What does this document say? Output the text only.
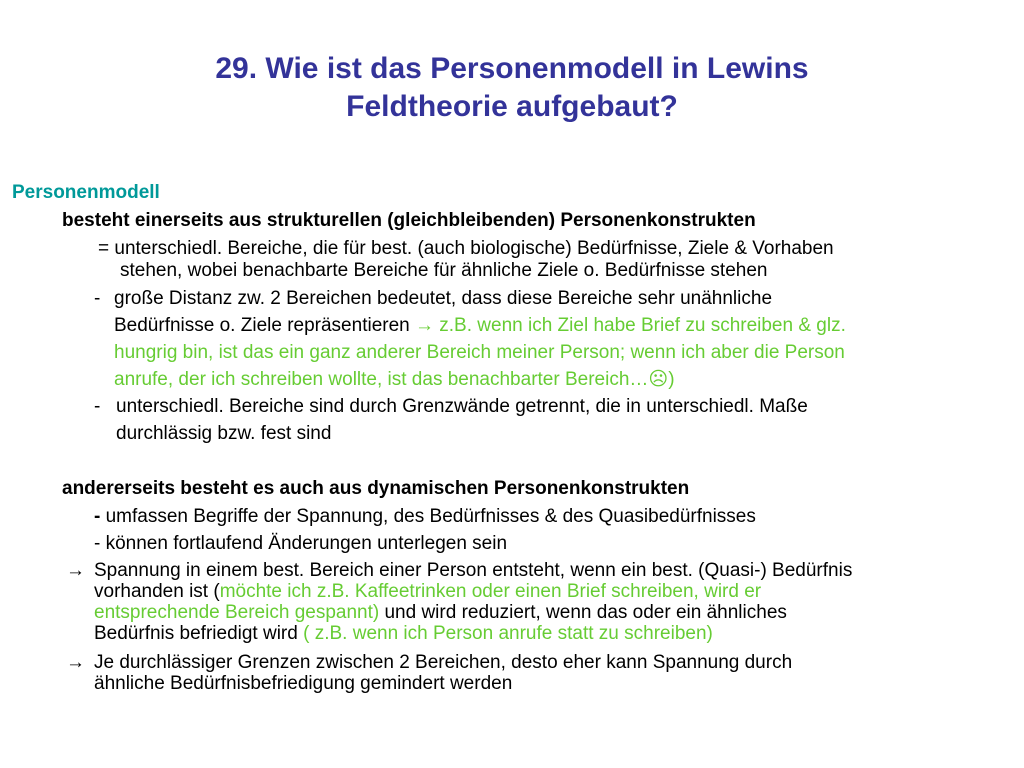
29. Wie ist das Personenmodell in Lewins
Feldtheorie aufgebaut?
Personenmodell
besteht einerseits aus strukturellen (gleichbleibenden) Personenkonstrukten
= unterschiedl. Bereiche, die für best. (auch biologische) Bedürfnisse, Ziele & Vorhaben
stehen, wobei benachbarte Bereiche für ähnliche Ziele o. Bedürfnisse stehen
- große Distanz zw. 2 Bereichen bedeutet, dass diese Bereiche sehr unähnliche
Bedürfnisse o. Ziele repräsentieren → z.B. wenn ich Ziel habe Brief zu schreiben & glz.
hungrig bin, ist das ein ganz anderer Bereich meiner Person; wenn ich aber die Person
anrufe, der ich schreiben wollte, ist das benachbarter Bereich…☹)
- unterschiedl. Bereiche sind durch Grenzwände getrennt, die in unterschiedl. Maße
durchlässig bzw. fest sind
andererseits besteht es auch aus dynamischen Personenkonstrukten
- umfassen Begriffe der Spannung, des Bedürfnisses & des Quasibedürfnisses
- können fortlaufend Änderungen unterlegen sein
→ Spannung in einem best. Bereich einer Person entsteht, wenn ein best. (Quasi-) Bedürfnis
vorhanden ist (möchte ich z.B. Kaffeetrinken oder einen Brief schreiben, wird er
entsprechende Bereich gespannt) und wird reduziert, wenn das oder ein ähnliches
Bedürfnis befriedigt wird ( z.B. wenn ich Person anrufe statt zu schreiben)
→ Je durchlässiger Grenzen zwischen 2 Bereichen, desto eher kann Spannung durch
ähnliche Bedürfnisbefriedigung gemindert werden
